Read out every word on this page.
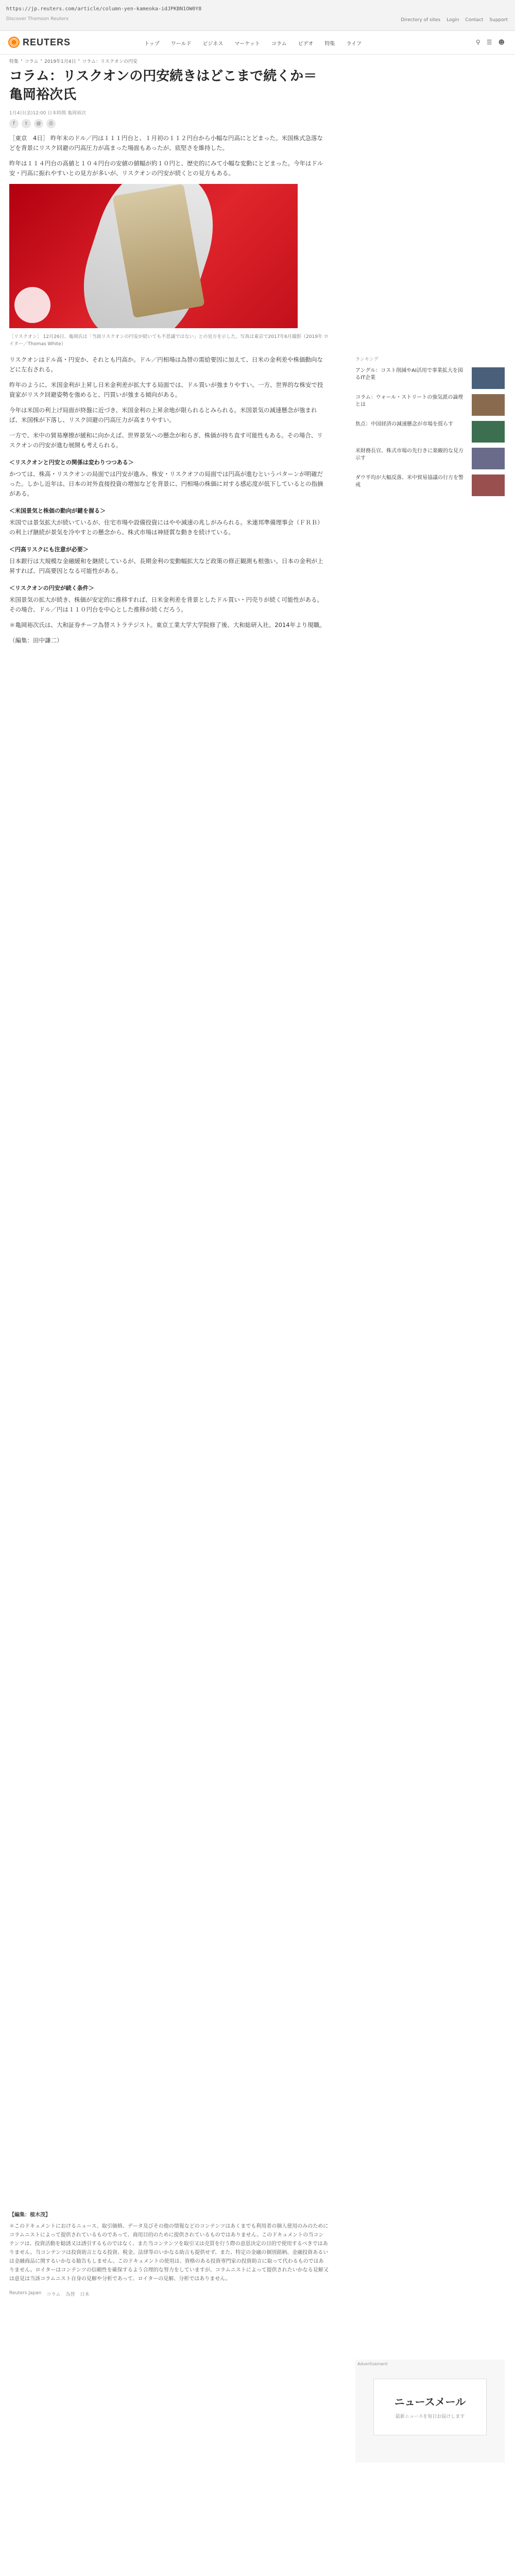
https://jp.reuters.com/article/column-yen-kameoka-idJPKBN1OW0Y8
Discover Thomson Reuters	Directory of sites Login Contact Support
REUTERS	トップ ワールド ビジネス マーケット コラム ビデオ 特集 ライフ	⚲ ☰ ☻
特集 › コラム › 2019年1月4日 › コラム：リスクオンの円安
コラム：リスクオンの円安続きはどこまで続くか＝亀岡裕次氏
1月4日(金)12:00 日本時間 亀岡裕次
f	t	@	⎙

［東京　4日］ 昨年末のドル／円は１１１円台と、１月初の１１２円台から小幅な円高にとどまった。米国株式急落などを背景にリスク回避の円高圧力が高まった場面もあったが、底堅さを維持した。

昨年は１１４円台の高値と１０４円台の安値の値幅が約１０円と、歴史的にみて小幅な変動にとどまった。今年はドル安・円高に振れやすいとの見方が多いが、リスクオンの円安が続くとの見方もある。

［リスクオン］ 12月26日、亀岡氏は「当面リスクオンの円安が続いても不思議ではない」との見方を示した。写真は東京で2017年6月撮影（2019年 ロイター／Thomas White）

リスクオンはドル高・円安か、それとも円高か。ドル／円相場は為替の需給要因に加えて、日米の金利差や株価動向などに左右される。

昨年のように、米国金利が上昇し日米金利差が拡大する局面では、ドル買いが強まりやすい。一方、世界的な株安で投資家がリスク回避姿勢を強めると、円買いが強まる傾向がある。

今年は米国の利上げ局面が終盤に近づき、米国金利の上昇余地が限られるとみられる。米国景気の減速懸念が強まれば、米国株が下落し、リスク回避の円高圧力が高まりやすい。

一方で、米中の貿易摩擦が緩和に向かえば、世界景気への懸念が和らぎ、株価が持ち直す可能性もある。その場合、リスクオンの円安が進む展開も考えられる。

＜リスクオンと円安との関係は変わりつつある＞

かつては、株高・リスクオンの局面では円安が進み、株安・リスクオフの局面では円高が進むというパターンが明確だった。しかし近年は、日本の対外直接投資の増加などを背景に、円相場の株価に対する感応度が低下しているとの指摘がある。

＜米国景気と株価の動向が鍵を握る＞

米国では景気拡大が続いているが、住宅市場や設備投資にはやや減速の兆しがみられる。米連邦準備理事会（ＦＲＢ）の利上げ継続が景気を冷やすとの懸念から、株式市場は神経質な動きを続けている。

＜円高リスクにも注意が必要＞

日本銀行は大規模な金融緩和を継続しているが、長期金利の変動幅拡大など政策の修正観測も根強い。日本の金利が上昇すれば、円高要因となる可能性がある。

＜リスクオンの円安が続く条件＞

米国景気の拡大が続き、株価が安定的に推移すれば、日米金利差を背景としたドル買い・円売りが続く可能性がある。その場合、ドル／円は１１０円台を中心とした推移が続くだろう。

＊亀岡裕次氏は、大和証券チーフ為替ストラテジスト。東京工業大学大学院修了後、大和総研入社。2014年より現職。

（編集：田中謙二）

ランキング
アングル：コスト削減やAI活用で事業拡大を図るIT企業
コラム：ウォール・ストリートの強気派の論理とは
焦点：中国経済の減速懸念が市場を揺らす
米財務長官、株式市場の先行きに楽観的な見方示す
ダウ平均が大幅反落、米中貿易協議の行方を警戒
Advertisement
ニュースメール
最新ニュースを毎日お届けします
【編集：植木茂】

＊このドキュメントにおけるニュース、取引価格、データ及びその他の情報などのコンテンツはあくまでも利用者の個人使用のみのためにコラムニストによって提供されているものであって、商用目的のために提供されているものではありません。このドキュメントの当コンテンツは、投資活動を勧誘又は誘引するものではなく、また当コンテンツを取引又は売買を行う際の意思決定の目的で使用するべきではありません。当コンテンツは投資助言となる投資、税金、法律等のいかなる助言も提供せず、また、特定の金融の個別銘柄、金融投資あるいは金融商品に関するいかなる勧告もしません。このドキュメントの使用は、資格のある投資専門家の投資助言に取って代わるものではありません。ロイターはコンテンツの信頼性を確保するよう合理的な努力をしていますが、コラムニストによって提供されたいかなる見解又は意見は当該コラムニスト自身の見解や分析であって、ロイターの見解、分析ではありません。

Reuters Japan コラム 為替 日本
